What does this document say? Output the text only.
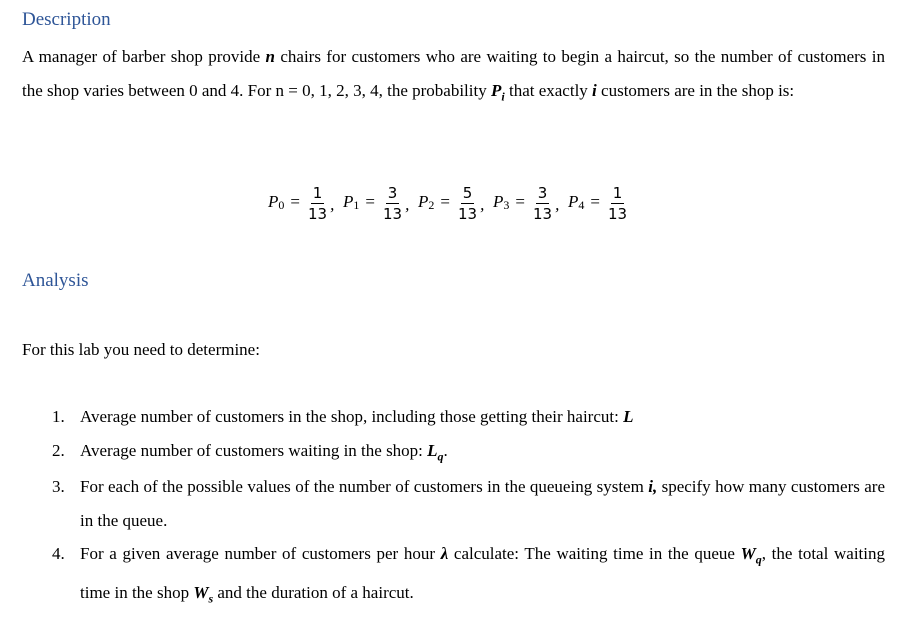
Description

A manager of barber shop provide n chairs for customers who are waiting to begin a haircut, so the number of customers in the shop varies between 0 and 4. For n = 0, 1, 2, 3, 4, the probability $P_i$ that exactly i customers are in the shop is:

$P_0 = \frac{1}{13}$ , $P_1 = \frac{3}{13}$ , $P_2 = \frac{5}{13}$ , $P_3 = \frac{3}{13}$ , $P_4 = \frac{1}{13}$
Analysis

For this lab you need to determine:

1. Average number of customers in the shop, including those getting their haircut: L
2. Average number of customers waiting in the shop: $L_q$.
3. For each of the possible values of the number of customers in the queueing system i, specify how many customers are in the queue.
4. For a given average number of customers per hour λ calculate: The waiting time in the queue $W_q$, the total waiting time in the shop $W_s$ and the duration of a haircut.
